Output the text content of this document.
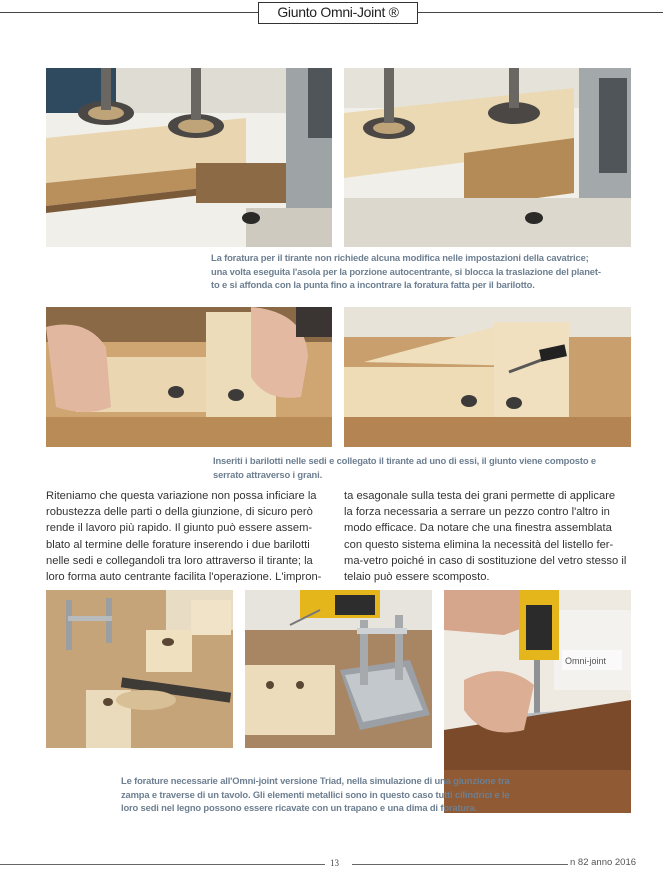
Giunto Omni-Joint ®
La foratura per il tirante non richiede alcuna modifica nelle impostazioni della cavatrice;
una volta eseguita l'asola per la porzione autocentrante, si blocca la traslazione del planet-
to e si affonda con la punta fino a incontrare la foratura fatta per il barilotto.
Inseriti i barilotti nelle sedi e collegato il tirante ad uno di essi, il giunto viene composto e
serrato attraverso i grani.
Riteniamo che questa variazione non possa inficiare la
robustezza delle parti o della giunzione, di sicuro però
rende il lavoro più rapido. Il giunto può essere assem-
blato al termine delle forature inserendo i due barilotti
nelle sedi e collegandoli tra loro attraverso il tirante; la
loro forma auto centrante facilita l'operazione. L'impron-
ta esagonale sulla testa dei grani permette di applicare
la forza necessaria a serrare un pezzo contro l'altro in
modo efficace. Da notare che una finestra assemblata
con questo sistema elimina la necessità del listello fer-
ma-vetro poiché in caso di sostituzione del vetro stesso il
telaio può essere scomposto.
Omni-joint
Le forature necessarie all'Omni-joint versione Triad, nella simulazione di una giunzione tra
zampa e traverse di un tavolo. Gli elementi metallici sono in questo caso tutti cilindrici e le
loro sedi nel legno possono essere ricavate con un trapano e una dima di foratura.
13	n 82 anno 2016
